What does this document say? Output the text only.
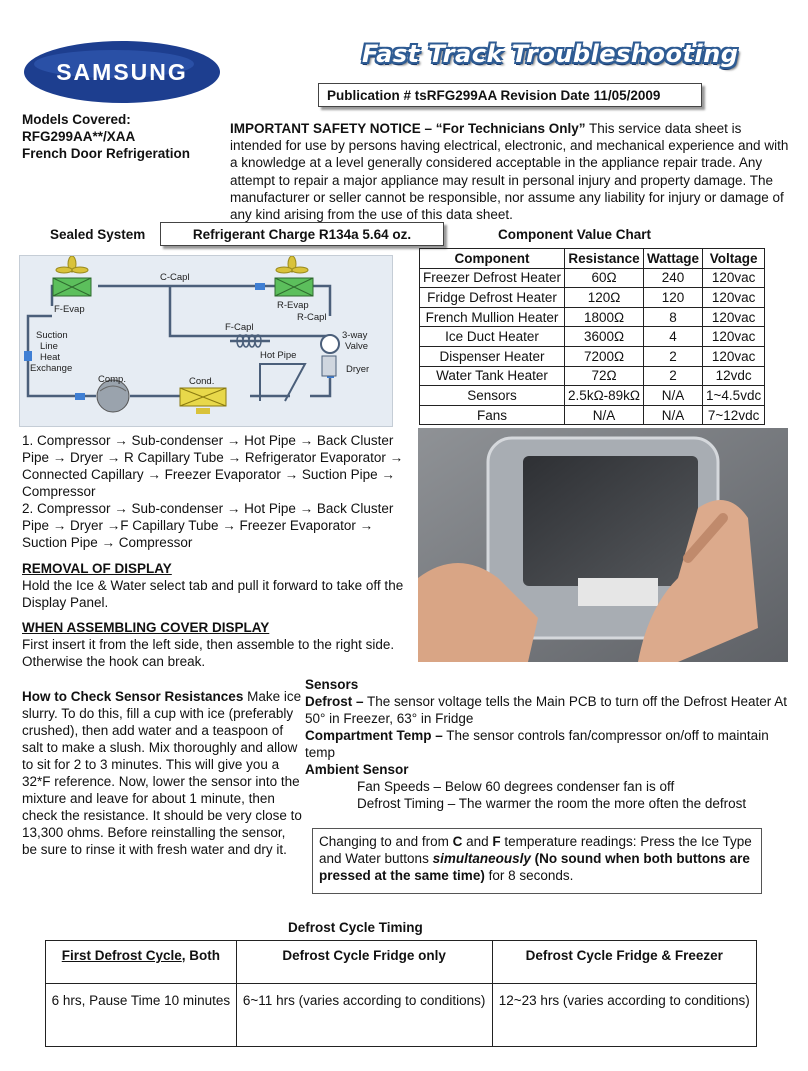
SAMSUNG
Fast Track Troubleshooting
Publication # tsRFG299AA Revision Date 11/05/2009
Models Covered:
RFG299AA**/XAA
French Door Refrigeration
IMPORTANT SAFETY NOTICE – “For Technicians Only” This service data sheet is intended for use by persons having electrical, electronic, and mechanical experience and with a knowledge at a level generally considered acceptable in the appliance repair trade. Any attempt to repair a major appliance may result in personal injury and property damage. The manufacturer or seller cannot be responsible, nor assume any liability for injury or damage of any kind arising from the use of this data sheet.
Sealed System	Refrigerant Charge R134a 5.64 oz.	Component Value Chart
F-Evap
C-Capl
R-Evap
R-Capl
F-Capl
3-way
Valve
Suction
Line
Heat
Exchange
Comp.	Cond.
Hot Pipe
Dryer
Component	Resistance	Wattage	Voltage
Freezer Defrost Heater	60Ω	240	120vac
Fridge Defrost Heater	120Ω	120	120vac
French Mullion Heater	1800Ω	8	120vac
Ice Duct Heater	3600Ω	4	120vac
Dispenser Heater	7200Ω	2	120vac
Water Tank Heater	72Ω	2	12vdc
Sensors	2.5kΩ-89kΩ	N/A	1~4.5vdc
Fans	N/A	N/A	7~12vdc
1. Compressor → Sub-condenser → Hot Pipe → Back Cluster Pipe → Dryer → R Capillary Tube → Refrigerator Evaporator → Connected Capillary → Freezer Evaporator → Suction Pipe → Compressor
2. Compressor → Sub-condenser → Hot Pipe → Back Cluster Pipe → Dryer →F Capillary Tube → Freezer Evaporator → Suction Pipe → Compressor
REMOVAL OF DISPLAY
Hold the Ice & Water select tab and pull it forward to take off the Display Panel.
WHEN ASSEMBLING COVER DISPLAY
First insert it from the left side, then assemble to the right side. Otherwise the hook can break.
How to Check Sensor Resistances Make ice slurry. To do this, fill a cup with ice (preferably crushed), then add water and a teaspoon of salt to make a slush. Mix thoroughly and allow to sit for 2 to 3 minutes. This will give you a 32*F reference. Now, lower the sensor into the mixture and leave for about 1 minute, then check the resistance. It should be very close to 13,300 ohms. Before reinstalling the sensor, be sure to rinse it with fresh water and dry it.
Sensors
Defrost – The sensor voltage tells the Main PCB to turn off the Defrost Heater At 50° in Freezer, 63° in Fridge
Compartment Temp – The sensor controls fan/compressor on/off to maintain temp
Ambient Sensor
Fan Speeds – Below 60 degrees condenser fan is off
Defrost Timing – The warmer the room the more often the defrost
Changing to and from C and F temperature readings: Press the Ice Type and Water buttons simultaneously (No sound when both buttons are pressed at the same time) for 8 seconds.
Defrost Cycle Timing
First Defrost Cycle, Both	Defrost Cycle Fridge only	Defrost Cycle Fridge & Freezer
6 hrs, Pause Time 10 minutes	6~11 hrs (varies according to conditions)	12~23 hrs (varies according to conditions)
